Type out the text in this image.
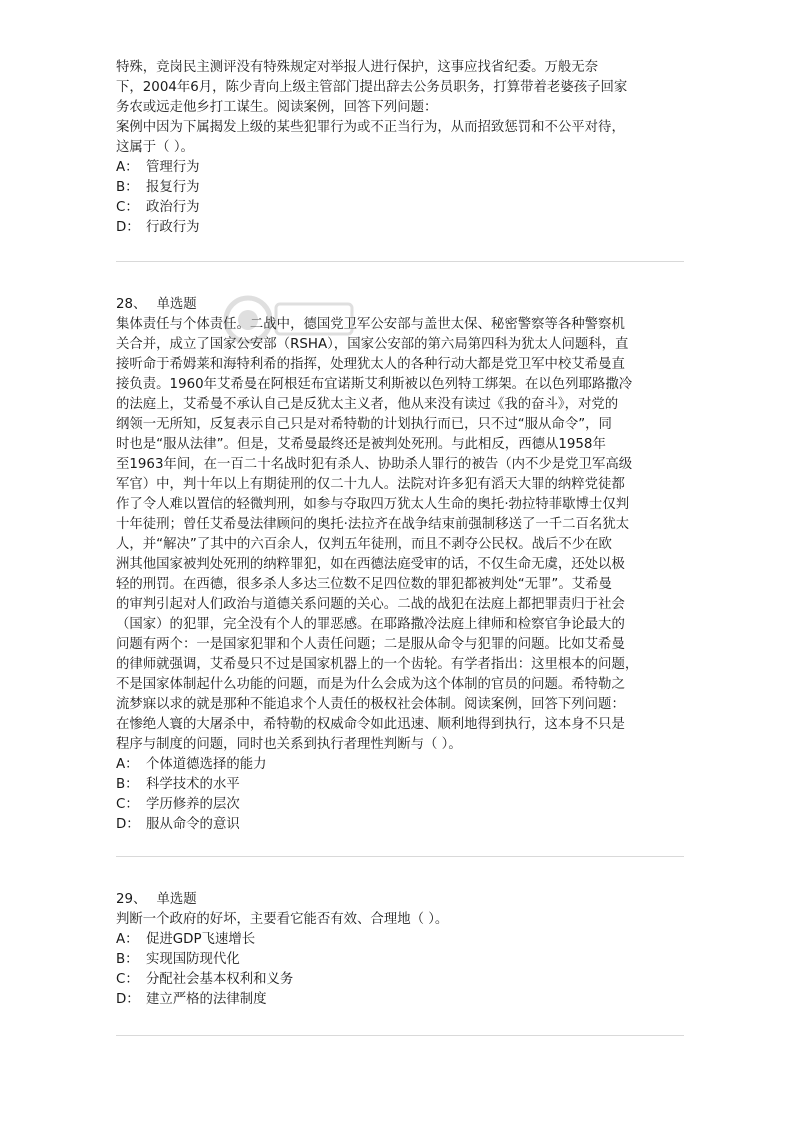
特殊，竞岗民主测评没有特殊规定对举报人进行保护，这事应找省纪委。万般无奈
下，2004年6月，陈少青向上级主管部门提出辞去公务员职务，打算带着老婆孩子回家
务农或远走他乡打工谋生。阅读案例，回答下列问题：
案例中因为下属揭发上级的某些犯罪行为或不正当行为，从而招致惩罚和不公平对待，
这属于（ ）。
A： 管理行为
B： 报复行为
C： 政治行为
D： 行政行为
28、 单选题
集体责任与个体责任。二战中，德国党卫军公安部与盖世太保、秘密警察等各种警察机
关合并，成立了国家公安部（RSHA），国家公安部的第六局第四科为犹太人问题科，直
接听命于希姆莱和海特利希的指挥，处理犹太人的各种行动大都是党卫军中校艾希曼直
接负责。1960年艾希曼在阿根廷布宜诺斯艾利斯被以色列特工绑架。在以色列耶路撒冷
的法庭上，艾希曼不承认自己是反犹太主义者，他从来没有读过《我的奋斗》，对党的
纲领一无所知，反复表示自己只是对希特勒的计划执行而已，只不过“服从命令”，同
时也是“服从法律”。但是，艾希曼最终还是被判处死刑。与此相反，西德从1958年
至1963年间，在一百二十名战时犯有杀人、协助杀人罪行的被告（内不少是党卫军高级
军官）中，判十年以上有期徒刑的仅二十九人。法院对许多犯有滔天大罪的纳粹党徒都
作了令人难以置信的轻微判刑，如参与夺取四万犹太人生命的奥托·勃拉特菲歇博士仅判
十年徒刑；曾任艾希曼法律顾问的奥托·法拉齐在战争结束前强制移送了一千二百名犹太
人，并“解决”了其中的六百余人，仅判五年徒刑，而且不剥夺公民权。战后不少在欧
洲其他国家被判处死刑的纳粹罪犯，如在西德法庭受审的话，不仅生命无虞，还处以极
轻的刑罚。在西德，很多杀人多达三位数不足四位数的罪犯都被判处“无罪”。艾希曼
的审判引起对人们政治与道德关系问题的关心。二战的战犯在法庭上都把罪责归于社会
（国家）的犯罪，完全没有个人的罪恶感。在耶路撒冷法庭上律师和检察官争论最大的
问题有两个：一是国家犯罪和个人责任问题；二是服从命令与犯罪的问题。比如艾希曼
的律师就强调，艾希曼只不过是国家机器上的一个齿轮。有学者指出：这里根本的问题，
不是国家体制起什么功能的问题，而是为什么会成为这个体制的官员的问题。希特勒之
流梦寐以求的就是那种不能追求个人责任的极权社会体制。阅读案例，回答下列问题：
在惨绝人寰的大屠杀中，希特勒的权威命令如此迅速、顺利地得到执行，这本身不只是
程序与制度的问题，同时也关系到执行者理性判断与（ ）。
A： 个体道德选择的能力
B： 科学技术的水平
C： 学历修养的层次
D： 服从命令的意识
29、 单选题
判断一个政府的好坏，主要看它能否有效、合理地（ ）。
A： 促进GDP飞速增长
B： 实现国防现代化
C： 分配社会基本权利和义务
D： 建立严格的法律制度
